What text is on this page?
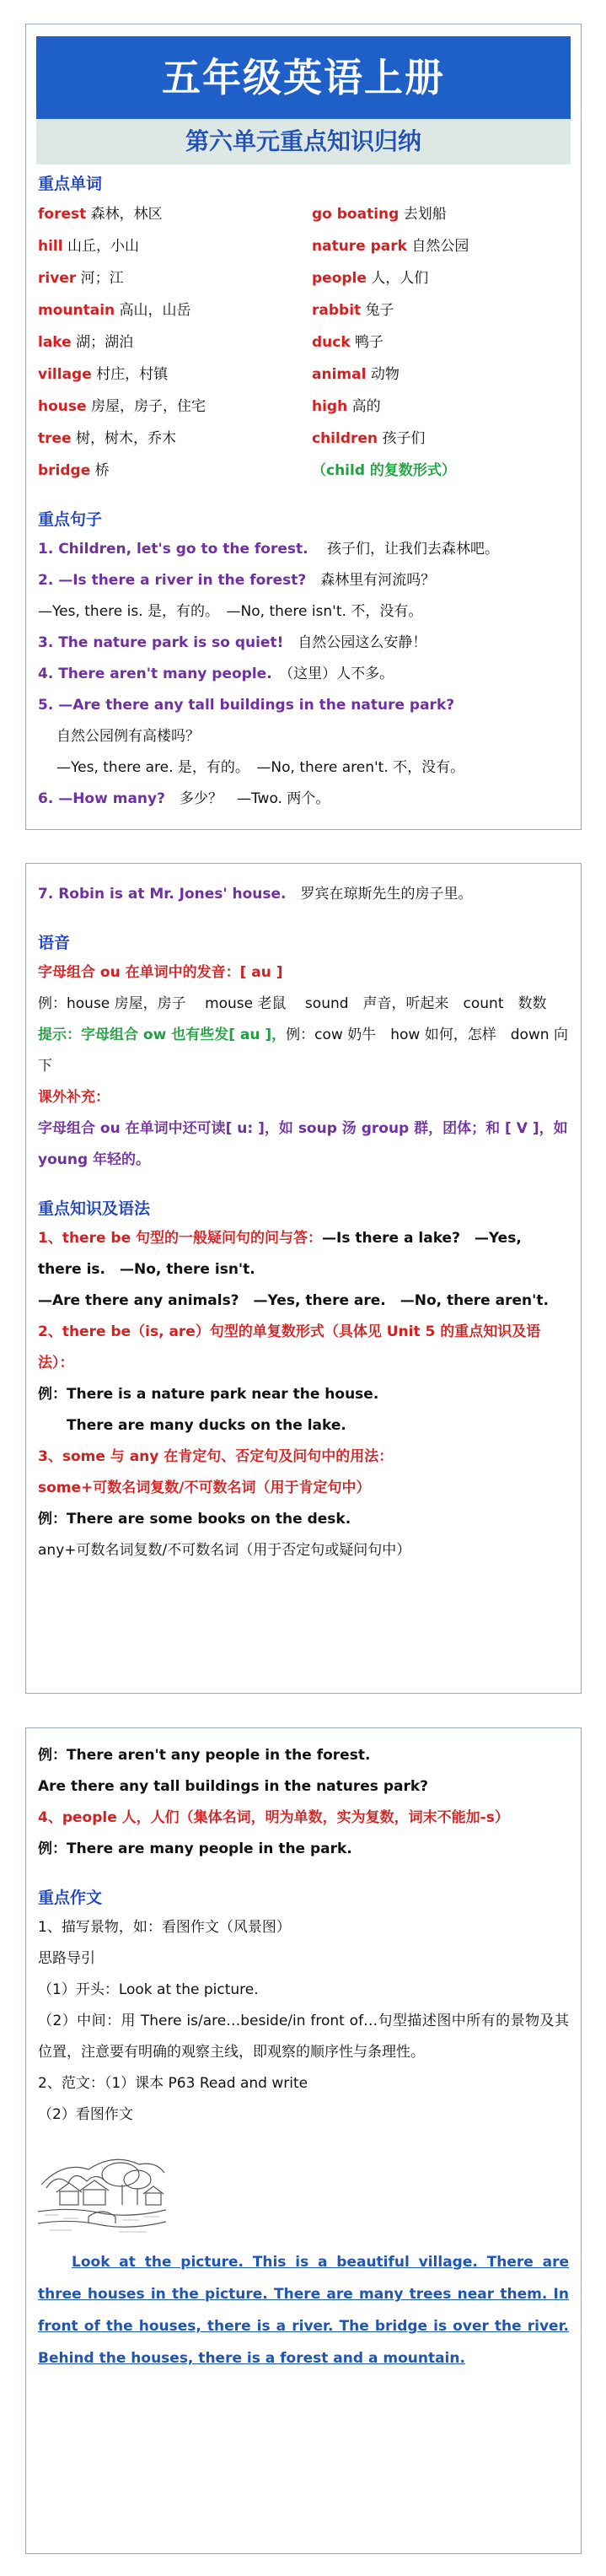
五年级英语上册
第六单元重点知识归纳
重点单词
forest 森林，林区	go boating 去划船
hill 山丘，小山	nature park 自然公园
river 河；江	people 人，人们
mountain 高山，山岳	rabbit 兔子
lake 湖；湖泊	duck 鸭子
village 村庄，村镇	animal 动物
house 房屋，房子，住宅	high 高的
tree 树，树木，乔木	children 孩子们
bridge 桥	（child 的复数形式）
重点句子
1. Children, let's go to the forest.　 孩子们，让我们去森林吧。
2. —Is there a river in the forest?　 森林里有河流吗？
—Yes, there is. 是，有的。　—No, there isn't. 不，没有。
3. The nature park is so quiet!　 自然公园这么安静！
4. There aren't many people.　 （这里）人不多。
5. —Are there any tall buildings in the nature park?
自然公园例有高楼吗？
—Yes, there are. 是，有的。　—No, there aren't. 不，没有。
6. —How many?　 多少？　—Two. 两个。
7. Robin is at Mr. Jones' house.　 罗宾在琼斯先生的房子里。
语音
字母组合 ou 在单词中的发音：[ au ]
例：house 房屋，房子　 mouse 老鼠　 sound　声音，听起来　count　数数
提示：字母组合 ow 也有些发[ au ]，例：cow 奶牛　how 如何，怎样　down 向下
课外补充：
字母组合 ou 在单词中还可读[ u: ]，如 soup 汤 group 群，团体；和 [ V ]，如 young 年轻的。
重点知识及语法
1、there be 句型的一般疑问句的问与答：—Is there a lake?　—Yes, there is.　—No, there isn't.
—Are there any animals?　—Yes, there are.　—No, there aren't.
2、there be（is, are）句型的单复数形式（具体见 Unit 5 的重点知识及语法）：
例：There is a nature park near the house.
There are many ducks on the lake.
3、some 与 any 在肯定句、否定句及问句中的用法：
some+可数名词复数/不可数名词（用于肯定句中）
例：There are some books on the desk.
any+可数名词复数/不可数名词（用于否定句或疑问句中）
例：There aren't any people in the forest.
Are there any tall buildings in the natures park?
4、people 人，人们（集体名词，明为单数，实为复数，词末不能加-s）
例：There are many people in the park.
重点作文
1、描写景物，如：看图作文（风景图）
思路导引
（1）开头：Look at the picture.
（2）中间：用 There is/are…beside/in front of…句型描述图中所有的景物及其位置，注意要有明确的观察主线，即观察的顺序性与条理性。
2、范文：（1）课本 P63 Read and write
（2）看图作文
Look at the picture. This is a beautiful village. There are three houses in the picture. There are many trees near them. In front of the houses, there is a river. The bridge is over the river. Behind the houses, there is a forest and a mountain.
